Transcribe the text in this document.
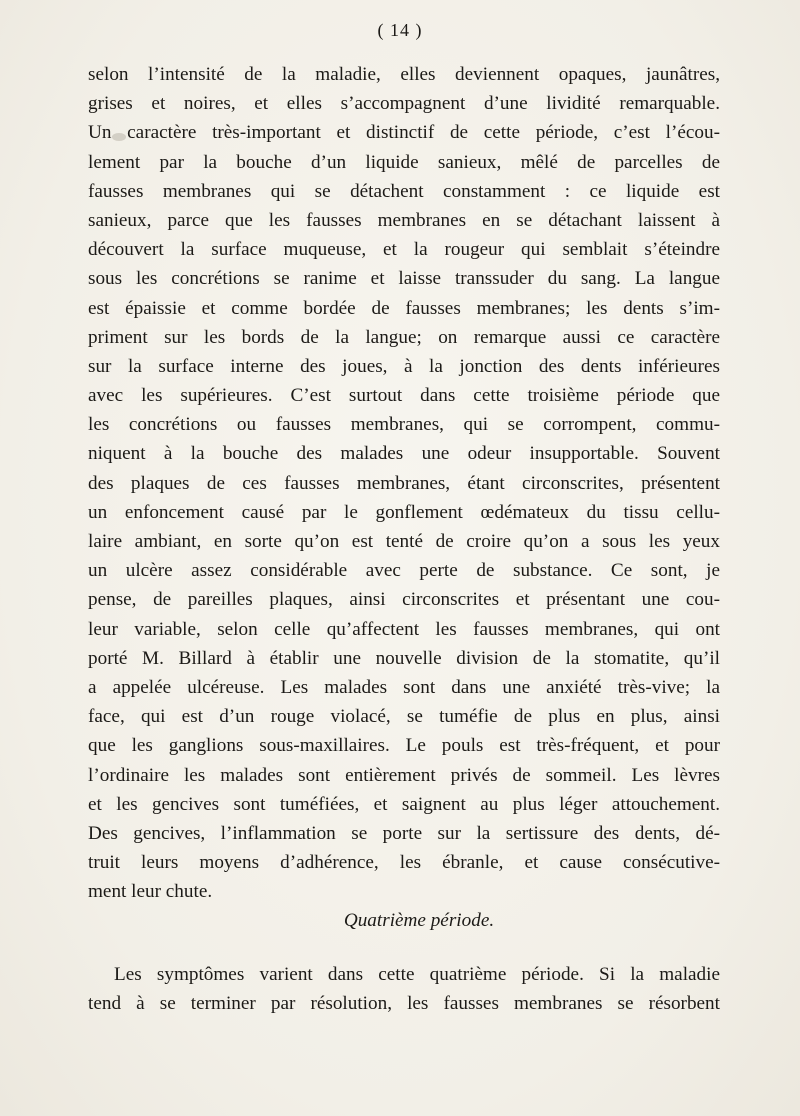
( 14 )
selon l’intensité de la maladie, elles deviennent opaques, jaunâtres,
grises et noires, et elles s’accompagnent d’une lividité remarquable.
Un caractère très-important et distinctif de cette période, c’est l’écou-
lement par la bouche d’un liquide sanieux, mêlé de parcelles de
fausses membranes qui se détachent constamment : ce liquide est
sanieux, parce que les fausses membranes en se détachant laissent à
découvert la surface muqueuse, et la rougeur qui semblait s’éteindre
sous les concrétions se ranime et laisse transsuder du sang. La langue
est épaissie et comme bordée de fausses membranes; les dents s’im-
priment sur les bords de la langue; on remarque aussi ce caractère
sur la surface interne des joues, à la jonction des dents inférieures
avec les supérieures. C’est surtout dans cette troisième période que
les concrétions ou fausses membranes, qui se corrompent, commu-
niquent à la bouche des malades une odeur insupportable. Souvent
des plaques de ces fausses membranes, étant circonscrites, présentent
un enfoncement causé par le gonflement œdémateux du tissu cellu-
laire ambiant, en sorte qu’on est tenté de croire qu’on a sous les yeux
un ulcère assez considérable avec perte de substance. Ce sont, je
pense, de pareilles plaques, ainsi circonscrites et présentant une cou-
leur variable, selon celle qu’affectent les fausses membranes, qui ont
porté M. Billard à établir une nouvelle division de la stomatite, qu’il
a appelée ulcéreuse. Les malades sont dans une anxiété très-vive; la
face, qui est d’un rouge violacé, se tuméfie de plus en plus, ainsi
que les ganglions sous-maxillaires. Le pouls est très-fréquent, et pour
l’ordinaire les malades sont entièrement privés de sommeil. Les lèvres
et les gencives sont tuméfiées, et saignent au plus léger attouchement.
Des gencives, l’inflammation se porte sur la sertissure des dents, dé-
truit leurs moyens d’adhérence, les ébranle, et cause consécutive-
ment leur chute.
Quatrième période.
Les symptômes varient dans cette quatrième période. Si la maladie
tend à se terminer par résolution, les fausses membranes se résorbent
